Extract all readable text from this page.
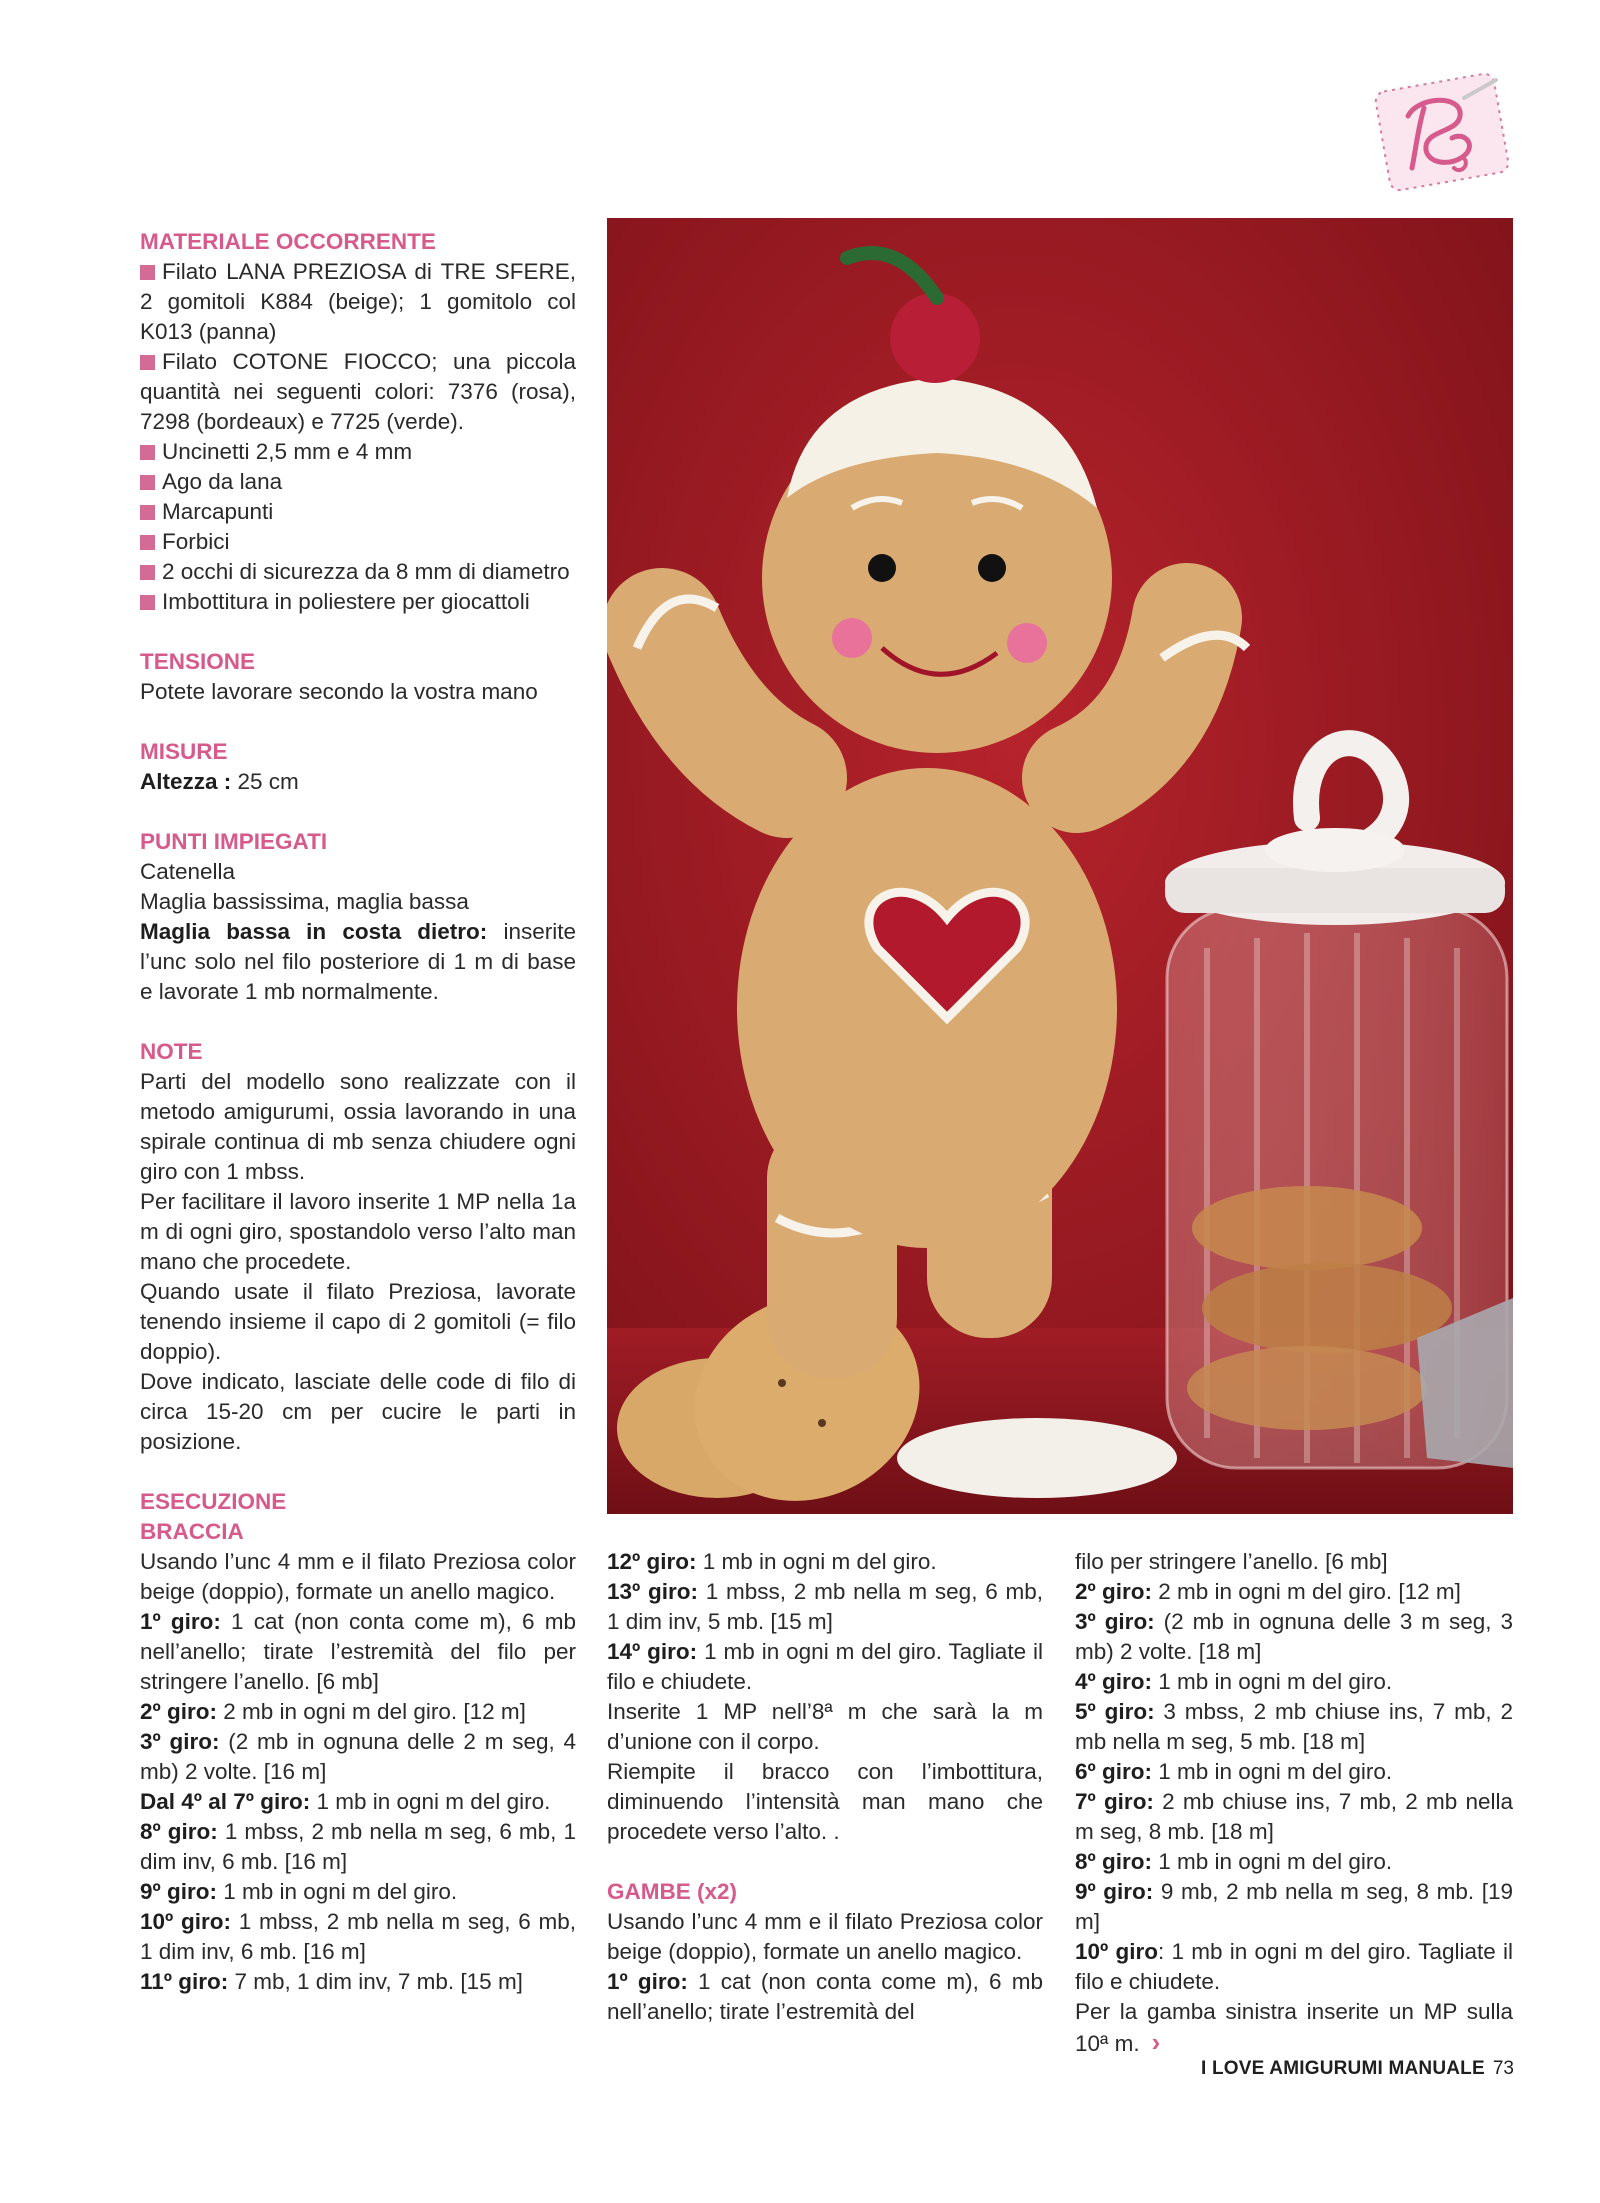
MATERIALE OCCORRENTE

Filato LANA PREZIOSA di TRE SFERE, 2 gomitoli K884 (beige); 1 gomitolo col K013 (panna)

Filato COTONE FIOCCO; una piccola quantità nei seguenti colori: 7376 (rosa), 7298 (bordeaux) e 7725 (verde).

Uncinetti 2,5 mm e 4 mm

Ago da lana

Marcapunti

Forbici

2 occhi di sicurezza da 8 mm di diametro

Imbottitura in poliestere per giocattoli

TENSIONE

Potete lavorare secondo la vostra mano

MISURE

Altezza : 25 cm

PUNTI IMPIEGATI

Catenella

Maglia bassissima, maglia bassa

Maglia bassa in costa dietro: inserite l’unc solo nel filo posteriore di 1 m di base e lavorate 1 mb normalmente.

NOTE

Parti del modello sono realizzate con il metodo amigurumi, ossia lavorando in una spirale continua di mb senza chiudere ogni giro con 1 mbss.

Per facilitare il lavoro inserite 1 MP nella 1a m di ogni giro, spostandolo verso l’alto man mano che procedete.

Quando usate il filato Preziosa, lavorate tenendo insieme il capo di 2 gomitoli (= filo doppio).

Dove indicato, lasciate delle code di filo di circa 15-20 cm per cucire le parti in posizione.

ESECUZIONE

BRACCIA

Usando l’unc 4 mm e il filato Preziosa color beige (doppio), formate un anello magico.

1º giro: 1 cat (non conta come m), 6 mb nell’anello; tirate l’estremità del filo per stringere l’anello. [6 mb]

2º giro: 2 mb in ogni m del giro. [12 m]

3º giro: (2 mb in ognuna delle 2 m seg, 4 mb) 2 volte. [16 m]

Dal 4º al 7º giro: 1 mb in ogni m del giro.

8º giro: 1 mbss, 2 mb nella m seg, 6 mb, 1 dim inv, 6 mb. [16 m]

9º giro: 1 mb in ogni m del giro.

10º giro: 1 mbss, 2 mb nella m seg, 6 mb, 1 dim inv, 6 mb. [16 m]

11º giro: 7 mb, 1 dim inv, 7 mb. [15 m]

12º giro: 1 mb in ogni m del giro.

13º giro: 1 mbss, 2 mb nella m seg, 6 mb, 1 dim inv, 5 mb. [15 m]

14º giro: 1 mb in ogni m del giro. Tagliate il filo e chiudete.

Inserite 1 MP nell’8ª m che sarà la m d’unione con il corpo.

Riempite il bracco con l’imbottitura, diminuendo l’intensità man mano che procedete verso l’alto. .

GAMBE (x2)

Usando l’unc 4 mm e il filato Preziosa color beige (doppio), formate un anello magico.

1º giro: 1 cat (non conta come m), 6 mb nell’anello; tirate l’estremità del

filo per stringere l’anello. [6 mb]

2º giro: 2 mb in ogni m del giro. [12 m]

3º giro: (2 mb in ognuna delle 3 m seg, 3 mb) 2 volte. [18 m]

4º giro: 1 mb in ogni m del giro.

5º giro: 3 mbss, 2 mb chiuse ins, 7 mb, 2 mb nella m seg, 5 mb. [18 m]

6º giro: 1 mb in ogni m del giro.

7º giro: 2 mb chiuse ins, 7 mb, 2 mb nella m seg, 8 mb. [18 m]

8º giro: 1 mb in ogni m del giro.

9º giro: 9 mb, 2 mb nella m seg, 8 mb. [19 m]

10º giro: 1 mb in ogni m del giro. Tagliate il filo e chiudete.

Per la gamba sinistra inserite un MP sulla 10ª m. ›

I LOVE AMIGURUMI MANUALE 73
